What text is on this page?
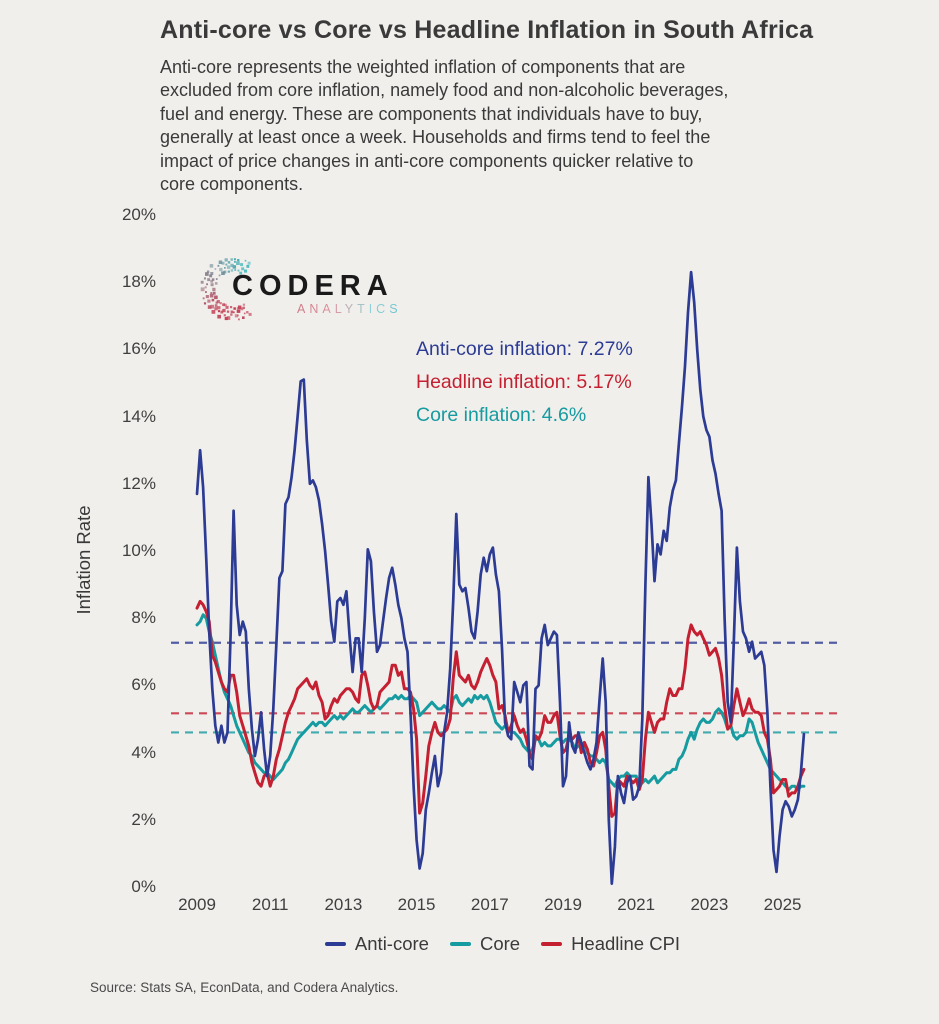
Anti-core vs Core vs Headline Inflation in South Africa
Anti-core represents the weighted inflation of components that are
excluded from core inflation, namely food and non-alcoholic beverages,
fuel and energy. These are components that individuals have to buy,
generally at least once a week. Households and firms tend to feel the
impact of price changes in anti-core components quicker relative to
core components.
Inflation Rate
0%
2%
4%
6%
8%
10%
12%
14%
16%
18%
20%
2009	2011	2013	2015	2017	2019	2021	2023	2025
CODERA
ANALYTICS
Anti-core inflation: 7.27%
Headline inflation: 5.17%
Core inflation: 4.6%
Anti-core	Core	Headline CPI
Source: Stats SA, EconData, and Codera Analytics.
